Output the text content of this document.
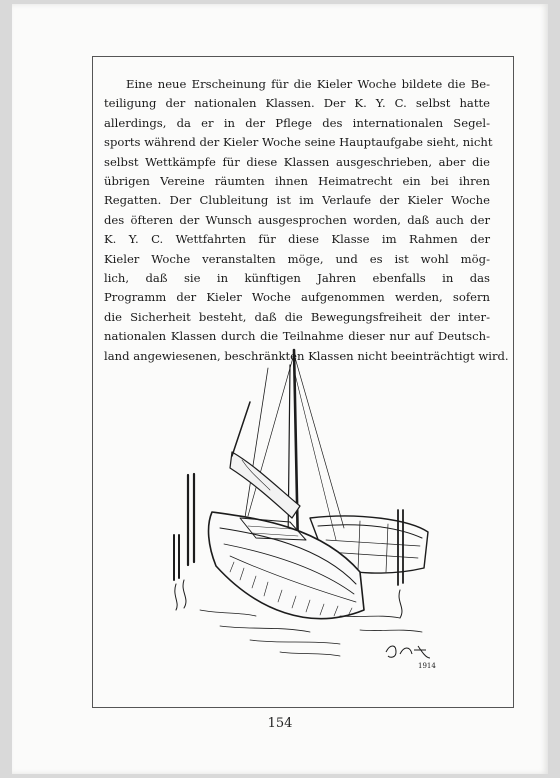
Eine neue Erscheinung für die Kieler Woche bildete die Be-
teiligung der nationalen Klassen. Der K. Y. C. selbst hatte
allerdings, da er in der Pflege des internationalen Segel-
sports während der Kieler Woche seine Hauptaufgabe sieht, nicht
selbst Wettkämpfe für diese Klassen ausgeschrieben, aber die
übrigen Vereine räumten ihnen Heimatrecht ein bei ihren
Regatten. Der Clubleitung ist im Verlaufe der Kieler Woche
des öfteren der Wunsch ausgesprochen worden, daß auch der
K. Y. C. Wettfahrten für diese Klasse im Rahmen der
Kieler Woche veranstalten möge, und es ist wohl mög-
lich, daß sie in künftigen Jahren ebenfalls in das
Programm der Kieler Woche aufgenommen werden, sofern
die Sicherheit besteht, daß die Bewegungsfreiheit der inter-
nationalen Klassen durch die Teilnahme dieser nur auf Deutsch-
land angewiesenen, beschränkten Klassen nicht beeinträchtigt wird.
1914
154
